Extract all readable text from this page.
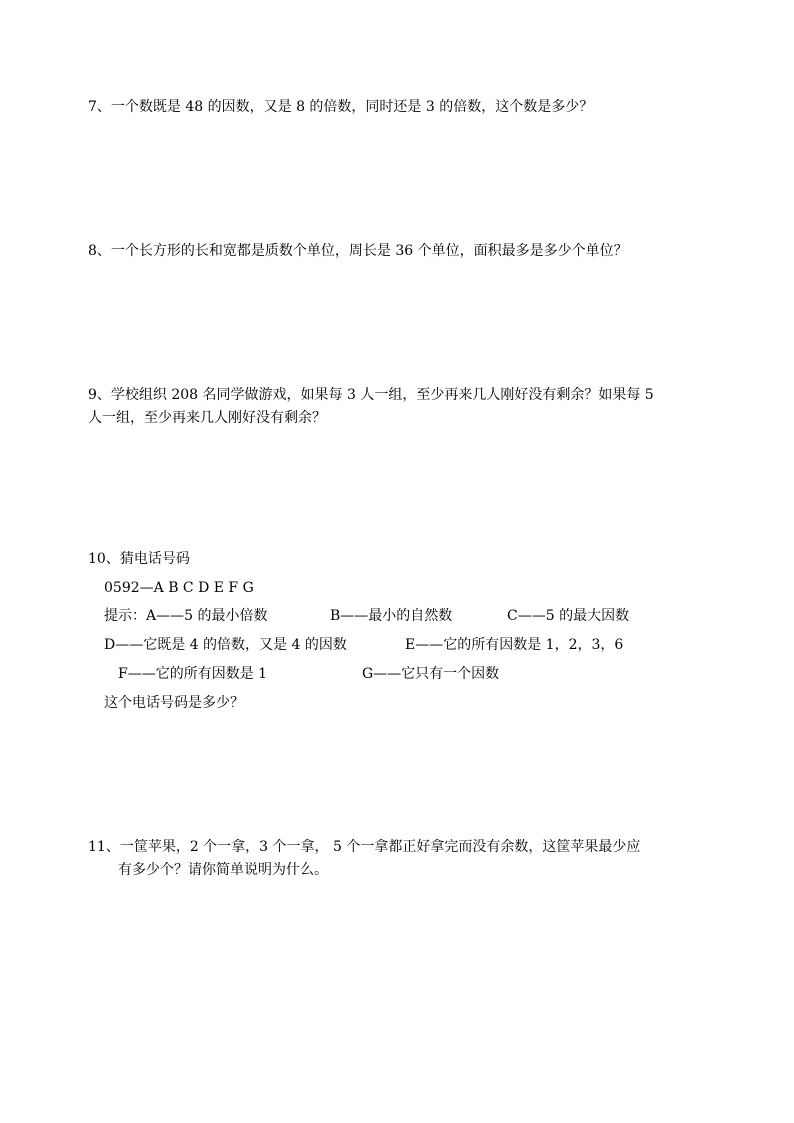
7、一个数既是 48 的因数，又是 8 的倍数，同时还是 3 的倍数，这个数是多少？
8、一个长方形的长和宽都是质数个单位，周长是 36 个单位，面积最多是多少个单位？
9、学校组织 208 名同学做游戏，如果每 3 人一组，至少再来几人刚好没有剩余？如果每 5
人一组，至少再来几人刚好没有剩余？
10、猜电话号码
0592—A B C D E F G
提示：A——5 的最小倍数	B——最小的自然数	C——5 的最大因数
D——它既是 4 的倍数，又是 4 的因数	E——它的所有因数是 1，2，3，6
F——它的所有因数是 1	G——它只有一个因数
这个电话号码是多少？
11、一筐苹果，2 个一拿，3 个一拿， 5 个一拿都正好拿完而没有余数，这筐苹果最少应
有多少个？请你简单说明为什么。
